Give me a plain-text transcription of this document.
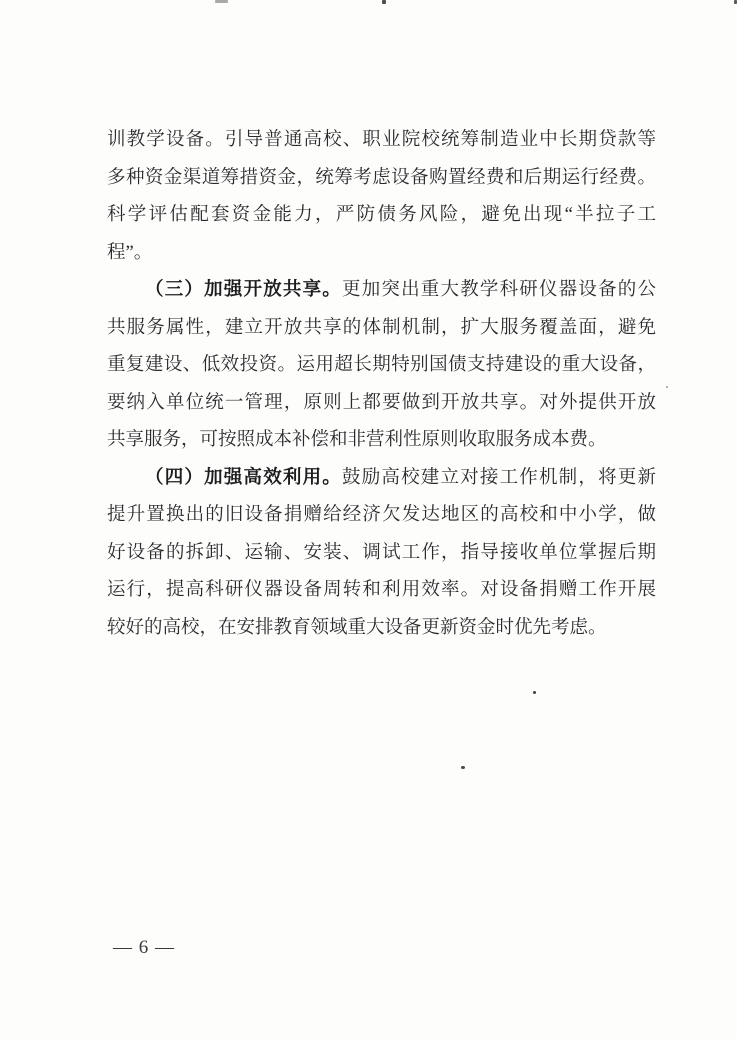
训教学设备。引导普通高校、职业院校统筹制造业中长期贷款等
多种资金渠道筹措资金，统筹考虑设备购置经费和后期运行经费。
科学评估配套资金能力，严防债务风险，避免出现“半拉子工
程”。
（三）加强开放共享。更加突出重大教学科研仪器设备的公
共服务属性，建立开放共享的体制机制，扩大服务覆盖面，避免
重复建设、低效投资。运用超长期特别国债支持建设的重大设备，
要纳入单位统一管理，原则上都要做到开放共享。对外提供开放
共享服务，可按照成本补偿和非营利性原则收取服务成本费。
（四）加强高效利用。鼓励高校建立对接工作机制，将更新
提升置换出的旧设备捐赠给经济欠发达地区的高校和中小学，做
好设备的拆卸、运输、安装、调试工作，指导接收单位掌握后期
运行，提高科研仪器设备周转和利用效率。对设备捐赠工作开展
较好的高校，在安排教育领域重大设备更新资金时优先考虑。
— 6 —
